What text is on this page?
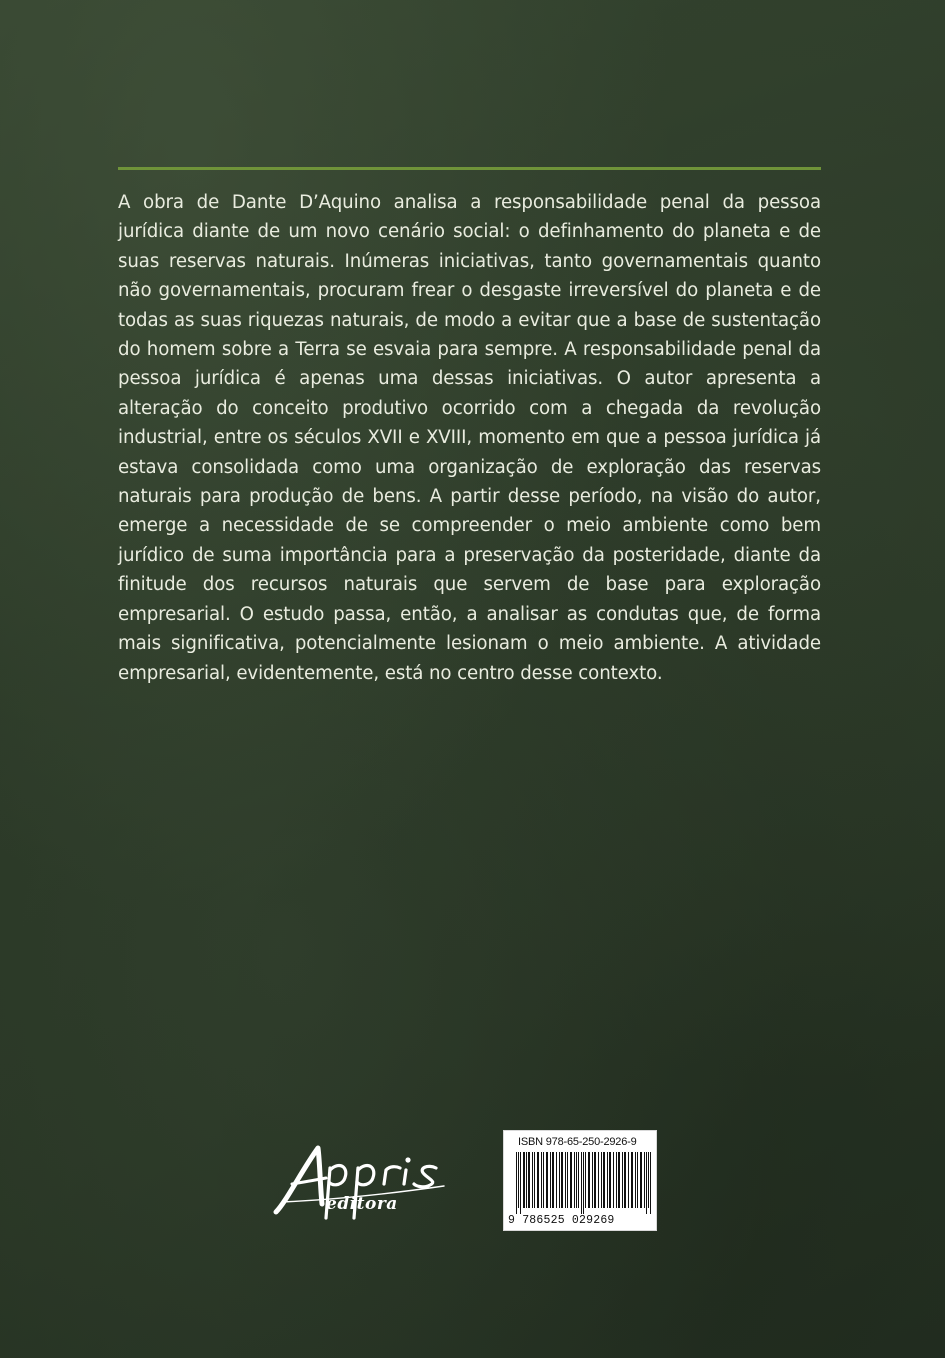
A obra de Dante D’Aquino analisa a responsabilidade penal da pessoa jurídica diante de um novo cenário social: o definhamento do planeta e de suas reservas naturais. Inúmeras iniciativas, tanto governamentais quanto não governamentais, procuram frear o desgaste irreversível do planeta e de todas as suas riquezas naturais, de modo a evitar que a base de sustentação do homem sobre a Terra se esvaia para sempre. A responsabilidade penal da pessoa jurídica é apenas uma dessas iniciativas. O autor apresenta a alteração do conceito produtivo ocorrido com a chegada da revolução industrial, entre os séculos XVII e XVIII, momento em que a pessoa jurídica já estava consolidada como uma organização de exploração das reservas naturais para produção de bens. A partir desse período, na visão do autor, emerge a necessidade de se compreender o meio ambiente como bem jurídico de suma importância para a preservação da posteridade, diante da finitude dos recursos naturais que servem de base para exploração empresarial. O estudo passa, então, a analisar as condutas que, de forma mais significativa, potencialmente lesionam o meio ambiente. A atividade empresarial, evidentemente, está no centro desse contexto.

editora
ISBN 978-65-250-2926-9
9 786525 029269
